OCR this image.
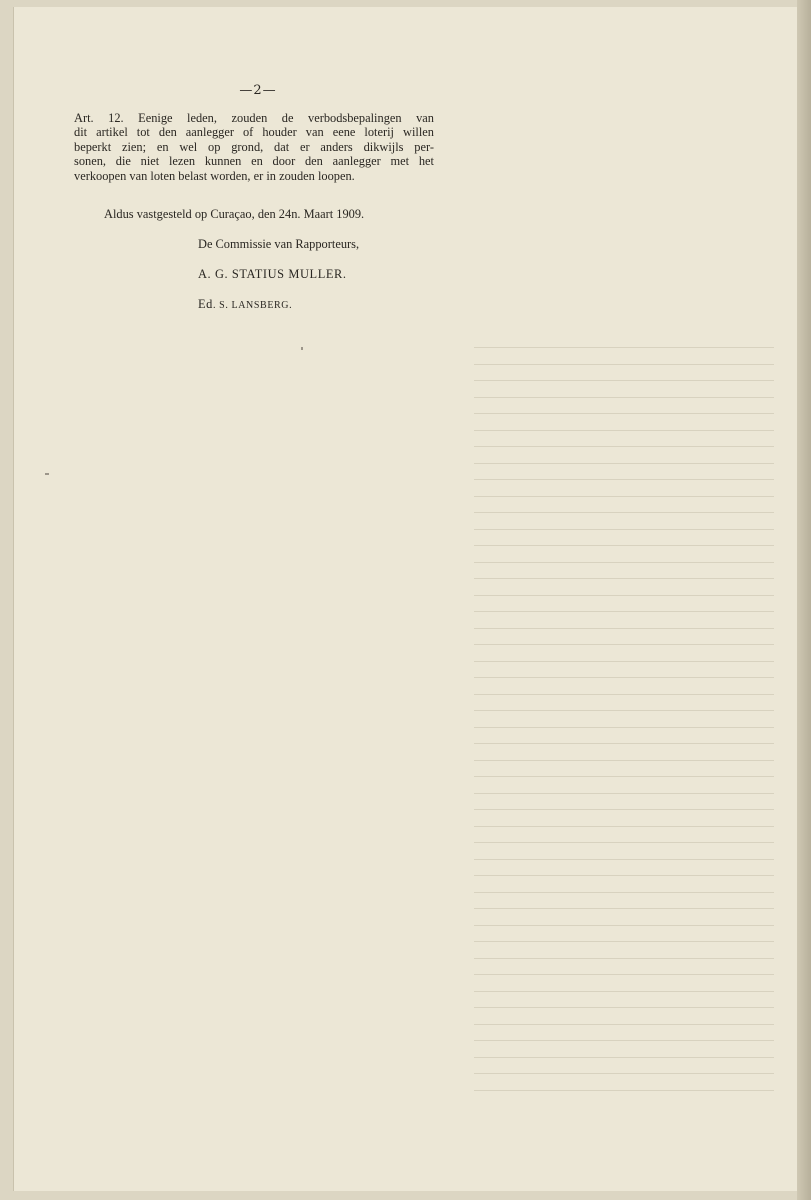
—2—
Art. 12. Eenige leden, zouden de verbodsbepalingen van
dit artikel tot den aanlegger of houder van eene loterij willen
beperkt zien; en wel op grond, dat er anders dikwijls per-
sonen, die niet lezen kunnen en door den aanlegger met het
verkoopen van loten belast worden, er in zouden loopen.
Aldus vastgesteld op Curaçao, den 24n. Maart 1909.
De Commissie van Rapporteurs,
A. G. STATIUS MULLER.
Ed. S. LANSBERG.
